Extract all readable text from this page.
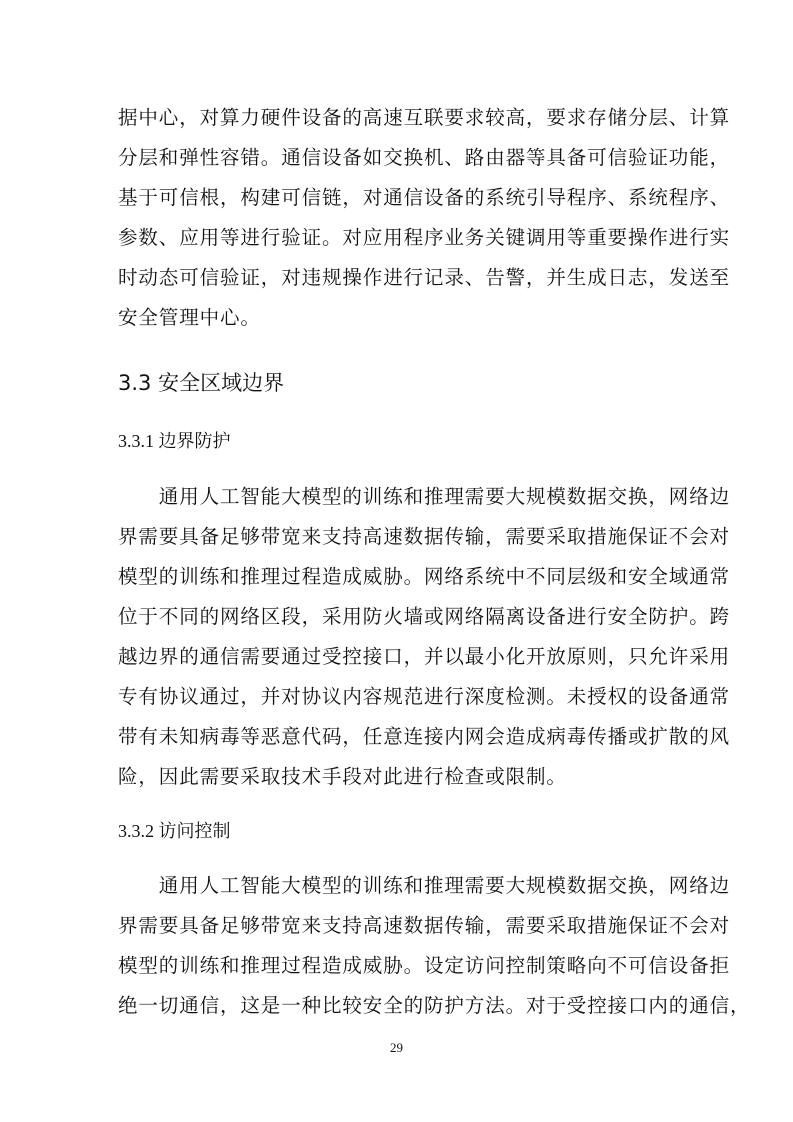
据中心，对算力硬件设备的高速互联要求较高，要求存储分层、计算
分层和弹性容错。通信设备如交换机、路由器等具备可信验证功能，
基于可信根，构建可信链，对通信设备的系统引导程序、系统程序、
参数、应用等进行验证。对应用程序业务关键调用等重要操作进行实
时动态可信验证，对违规操作进行记录、告警，并生成日志，发送至
安全管理中心。
3.3 安全区域边界
3.3.1 边界防护
　　通用人工智能大模型的训练和推理需要大规模数据交换，网络边
界需要具备足够带宽来支持高速数据传输，需要采取措施保证不会对
模型的训练和推理过程造成威胁。网络系统中不同层级和安全域通常
位于不同的网络区段，采用防火墙或网络隔离设备进行安全防护。跨
越边界的通信需要通过受控接口，并以最小化开放原则，只允许采用
专有协议通过，并对协议内容规范进行深度检测。未授权的设备通常
带有未知病毒等恶意代码，任意连接内网会造成病毒传播或扩散的风
险，因此需要采取技术手段对此进行检查或限制。
3.3.2 访问控制
　　通用人工智能大模型的训练和推理需要大规模数据交换，网络边
界需要具备足够带宽来支持高速数据传输，需要采取措施保证不会对
模型的训练和推理过程造成威胁。设定访问控制策略向不可信设备拒
绝一切通信，这是一种比较安全的防护方法。对于受控接口内的通信，
29
